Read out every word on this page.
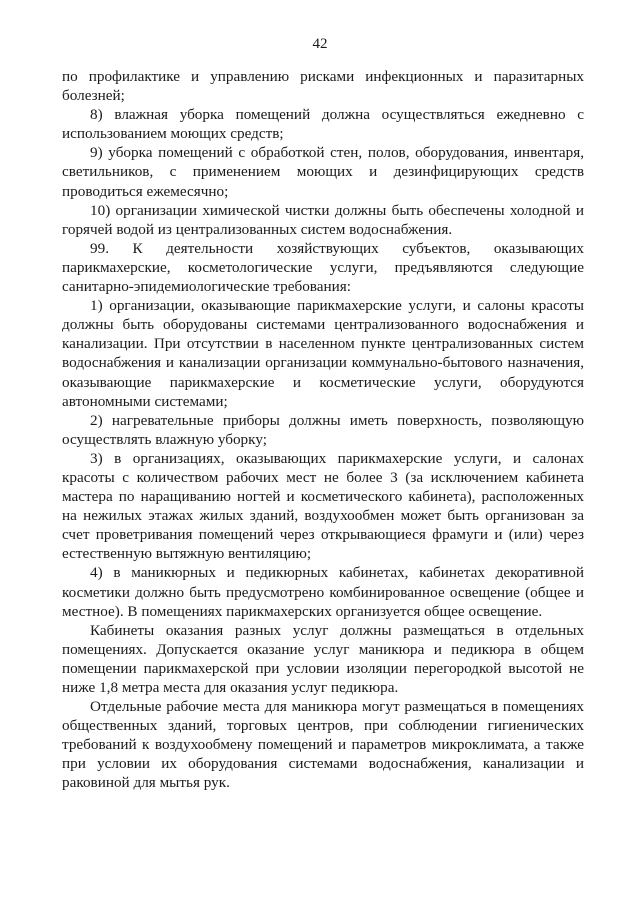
42

по профилактике и управлению рисками инфекционных и паразитарных болезней;

8) влажная уборка помещений должна осуществляться ежедневно с использованием моющих средств;

9) уборка помещений с обработкой стен, полов, оборудования, инвентаря, светильников, с применением моющих и дезинфицирующих средств проводиться ежемесячно;

10) организации химической чистки должны быть обеспечены холодной и горячей водой из централизованных систем водоснабжения.

99. К деятельности хозяйствующих субъектов, оказывающих парикмахерские, косметологические услуги, предъявляются следующие санитарно-эпидемиологические требования:

1) организации, оказывающие парикмахерские услуги, и салоны красоты должны быть оборудованы системами централизованного водоснабжения и канализации. При отсутствии в населенном пункте централизованных систем водоснабжения и канализации организации коммунально-бытового назначения, оказывающие парикмахерские и косметические услуги, оборудуются автономными системами;

2) нагревательные приборы должны иметь поверхность, позволяющую осуществлять влажную уборку;

3) в организациях, оказывающих парикмахерские услуги, и салонах красоты с количеством рабочих мест не более 3 (за исключением кабинета мастера по наращиванию ногтей и косметического кабинета), расположенных на нежилых этажах жилых зданий, воздухообмен может быть организован за счет проветривания помещений через открывающиеся фрамуги и (или) через естественную вытяжную вентиляцию;

4) в маникюрных и педикюрных кабинетах, кабинетах декоративной косметики должно быть предусмотрено комбинированное освещение (общее и местное). В помещениях парикмахерских организуется общее освещение.

Кабинеты оказания разных услуг должны размещаться в отдельных помещениях. Допускается оказание услуг маникюра и педикюра в общем помещении парикмахерской при условии изоляции перегородкой высотой не ниже 1,8 метра места для оказания услуг педикюра.

Отдельные рабочие места для маникюра могут размещаться в помещениях общественных зданий, торговых центров, при соблюдении гигиенических требований к воздухообмену помещений и параметров микроклимата, а также при условии их оборудования системами водоснабжения, канализации и раковиной для мытья рук.
